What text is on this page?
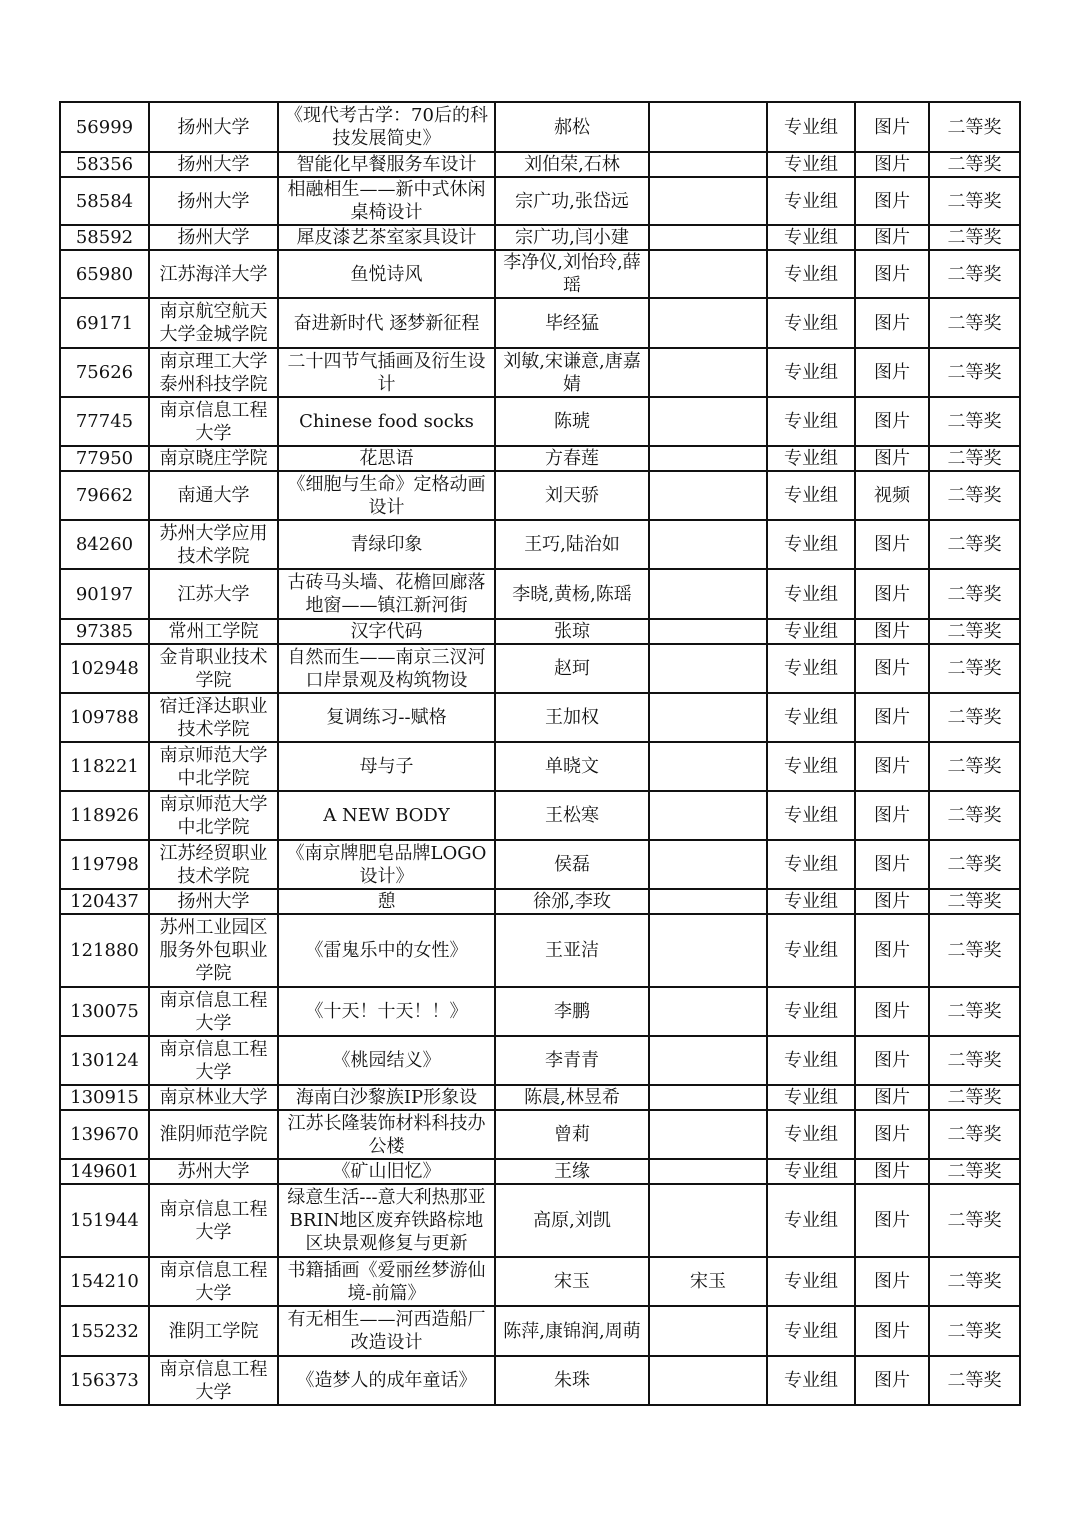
56999	扬州大学	《现代考古学：70后的科技发展简史》	郝松		专业组	图片	二等奖
58356	扬州大学	智能化早餐服务车设计	刘伯荣,石林		专业组	图片	二等奖
58584	扬州大学	相融相生——新中式休闲桌椅设计	宗广功,张岱远		专业组	图片	二等奖
58592	扬州大学	犀皮漆艺茶室家具设计	宗广功,闫小建		专业组	图片	二等奖
65980	江苏海洋大学	鱼悦诗风	李净仪,刘怡玲,薛瑶		专业组	图片	二等奖
69171	南京航空航天大学金城学院	奋进新时代 逐梦新征程	毕经猛		专业组	图片	二等奖
75626	南京理工大学泰州科技学院	二十四节气插画及衍生设计	刘敏,宋谦意,唐嘉婧		专业组	图片	二等奖
77745	南京信息工程大学	Chinese food socks	陈琥		专业组	图片	二等奖
77950	南京晓庄学院	花思语	方春莲		专业组	图片	二等奖
79662	南通大学	《细胞与生命》定格动画设计	刘天骄		专业组	视频	二等奖
84260	苏州大学应用技术学院	青绿印象	王巧,陆治如		专业组	图片	二等奖
90197	江苏大学	古砖马头墙、花檐回廊落地窗——镇江新河街	李晓,黄杨,陈瑶		专业组	图片	二等奖
97385	常州工学院	汉字代码	张琼		专业组	图片	二等奖
102948	金肯职业技术学院	自然而生——南京三汊河口岸景观及构筑物设	赵珂		专业组	图片	二等奖
109788	宿迁泽达职业技术学院	复调练习--赋格	王加权		专业组	图片	二等奖
118221	南京师范大学中北学院	母与子	单晓文		专业组	图片	二等奖
118926	南京师范大学中北学院	A NEW BODY	王松寒		专业组	图片	二等奖
119798	江苏经贸职业技术学院	《南京牌肥皂品牌LOGO设计》	侯磊		专业组	图片	二等奖
120437	扬州大学	憩	徐邠,李玫		专业组	图片	二等奖
121880	苏州工业园区服务外包职业学院	《雷鬼乐中的女性》	王亚洁		专业组	图片	二等奖
130075	南京信息工程大学	《十天！十天！！》	李鹏		专业组	图片	二等奖
130124	南京信息工程大学	《桃园结义》	李青青		专业组	图片	二等奖
130915	南京林业大学	海南白沙黎族IP形象设	陈晨,林昱希		专业组	图片	二等奖
139670	淮阴师范学院	江苏长隆装饰材料科技办公楼	曾莉		专业组	图片	二等奖
149601	苏州大学	《矿山旧忆》	王缘		专业组	图片	二等奖
151944	南京信息工程大学	绿意生活---意大利热那亚BRIN地区废弃铁路棕地区块景观修复与更新	高原,刘凯		专业组	图片	二等奖
154210	南京信息工程大学	书籍插画《爱丽丝梦游仙境-前篇》	宋玉	宋玉	专业组	图片	二等奖
155232	淮阴工学院	有无相生——河西造船厂改造设计	陈萍,康锦润,周萌		专业组	图片	二等奖
156373	南京信息工程大学	《造梦人的成年童话》	朱珠		专业组	图片	二等奖
